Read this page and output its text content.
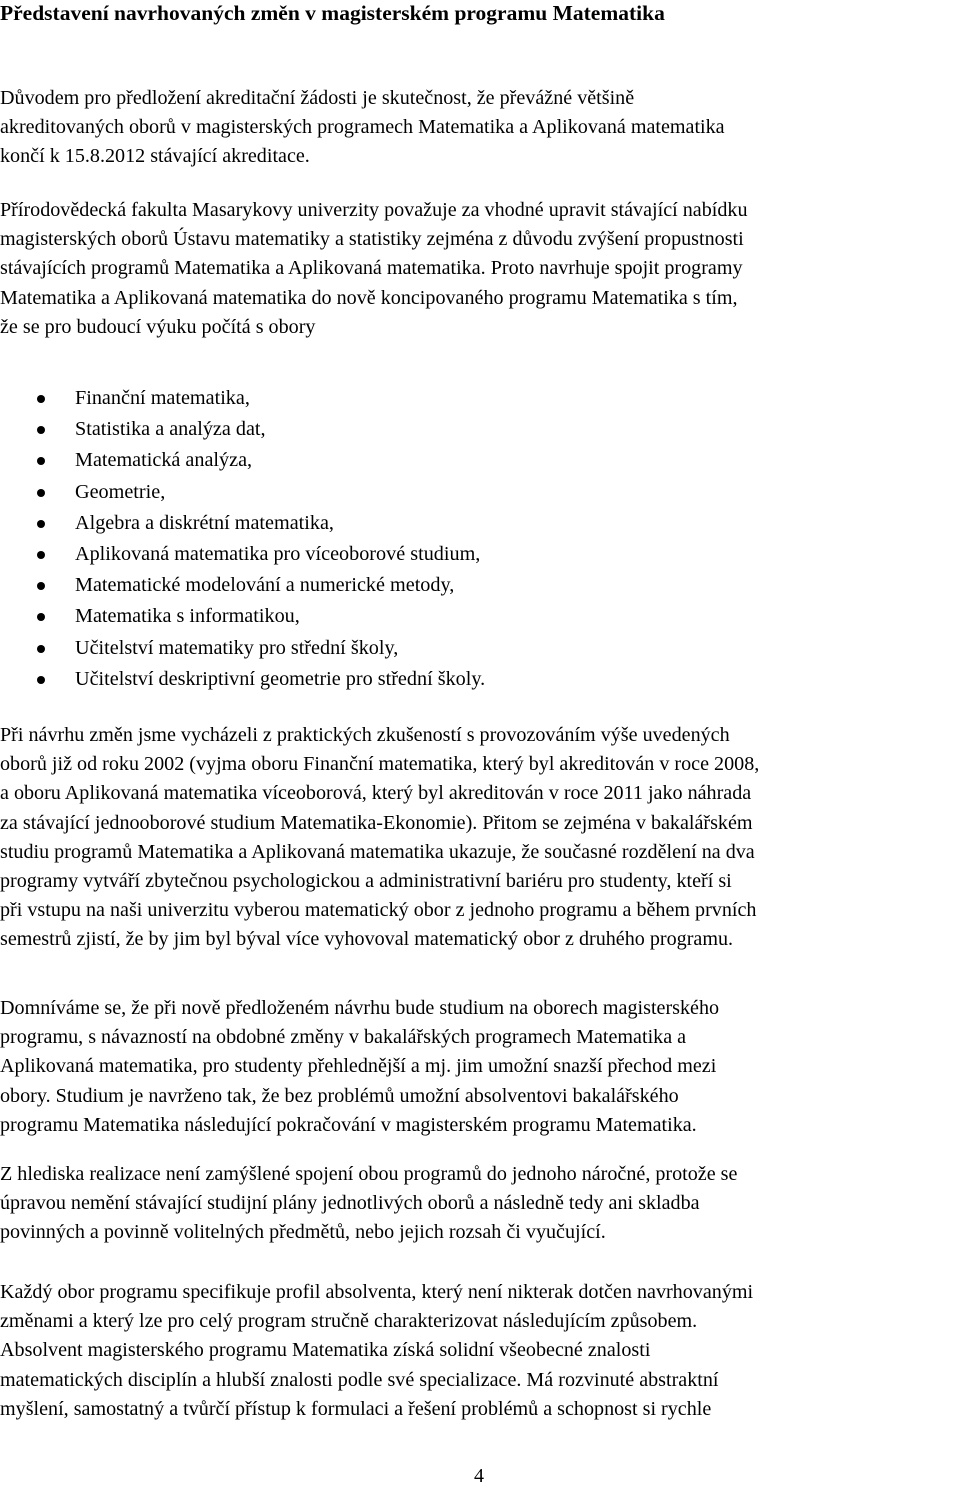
Představení navrhovaných změn v magisterském programu Matematika
Důvodem pro předložení akreditační žádosti je skutečnost, že převážné většině
akreditovaných oborů v magisterských programech Matematika a Aplikovaná matematika
končí k 15.8.2012 stávající akreditace.
Přírodovědecká fakulta Masarykovy univerzity považuje za vhodné upravit stávající nabídku
magisterských oborů Ústavu matematiky a statistiky zejména z důvodu zvýšení propustnosti
stávajících programů Matematika a Aplikovaná matematika. Proto navrhuje spojit programy
Matematika a Aplikovaná matematika do nově koncipovaného programu Matematika s tím,
že se pro budoucí výuku počítá s obory
Finanční matematika,
Statistika a analýza dat,
Matematická analýza,
Geometrie,
Algebra a diskrétní matematika,
Aplikovaná matematika pro víceoborové studium,
Matematické modelování a numerické metody,
Matematika s informatikou,
Učitelství matematiky pro střední školy,
Učitelství deskriptivní geometrie pro střední školy.
Při návrhu změn jsme vycházeli z praktických zkušeností s provozováním výše uvedených
oborů již od roku 2002 (vyjma oboru Finanční matematika, který byl akreditován v roce 2008,
a oboru Aplikovaná matematika víceoborová, který byl akreditován v roce 2011 jako náhrada
za stávající jednooborové studium Matematika-Ekonomie). Přitom se zejména v bakalářském
studiu programů Matematika a Aplikovaná matematika ukazuje, že současné rozdělení na dva
programy vytváří zbytečnou psychologickou a administrativní bariéru pro studenty, kteří si
při vstupu na naši univerzitu vyberou matematický obor z jednoho programu a během prvních
semestrů zjistí, že by jim byl býval více vyhovoval matematický obor z druhého programu.
Domníváme se, že při nově předloženém návrhu bude studium na oborech magisterského
programu, s návazností na obdobné změny v bakalářských programech Matematika a
Aplikovaná matematika, pro studenty přehlednější a mj. jim umožní snazší přechod mezi
obory. Studium je navrženo tak, že bez problémů umožní absolventovi bakalářského
programu Matematika následující pokračování v magisterském programu Matematika.
Z hlediska realizace není zamýšlené spojení obou programů do jednoho náročné, protože se
úpravou nemění stávající studijní plány jednotlivých oborů a následně tedy ani skladba
povinných a povinně volitelných předmětů, nebo jejich rozsah či vyučující.
Každý obor programu specifikuje profil absolventa, který není nikterak dotčen navrhovanými
změnami a který lze pro celý program stručně charakterizovat následujícím způsobem.
Absolvent magisterského programu Matematika získá solidní všeobecné znalosti
matematických disciplín a hlubší znalosti podle své specializace. Má rozvinuté abstraktní
myšlení, samostatný a tvůrčí přístup k formulaci a řešení problémů a schopnost si rychle
4
